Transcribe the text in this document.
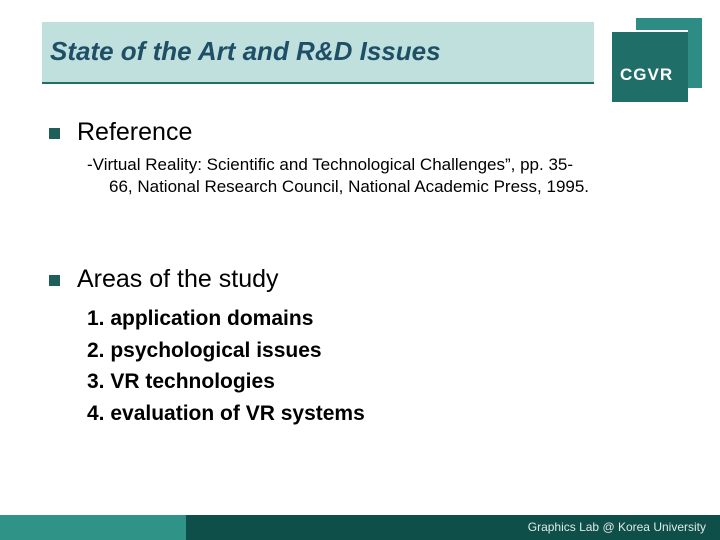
State of the Art and R&D Issues
CGVR
Reference
-Virtual Reality: Scientific and Technological Challenges”, pp. 35-
66, National Research Council, National Academic Press, 1995.
Areas of the study
1. application domains
2. psychological issues
3. VR technologies
4. evaluation of VR systems
Graphics Lab @ Korea University
